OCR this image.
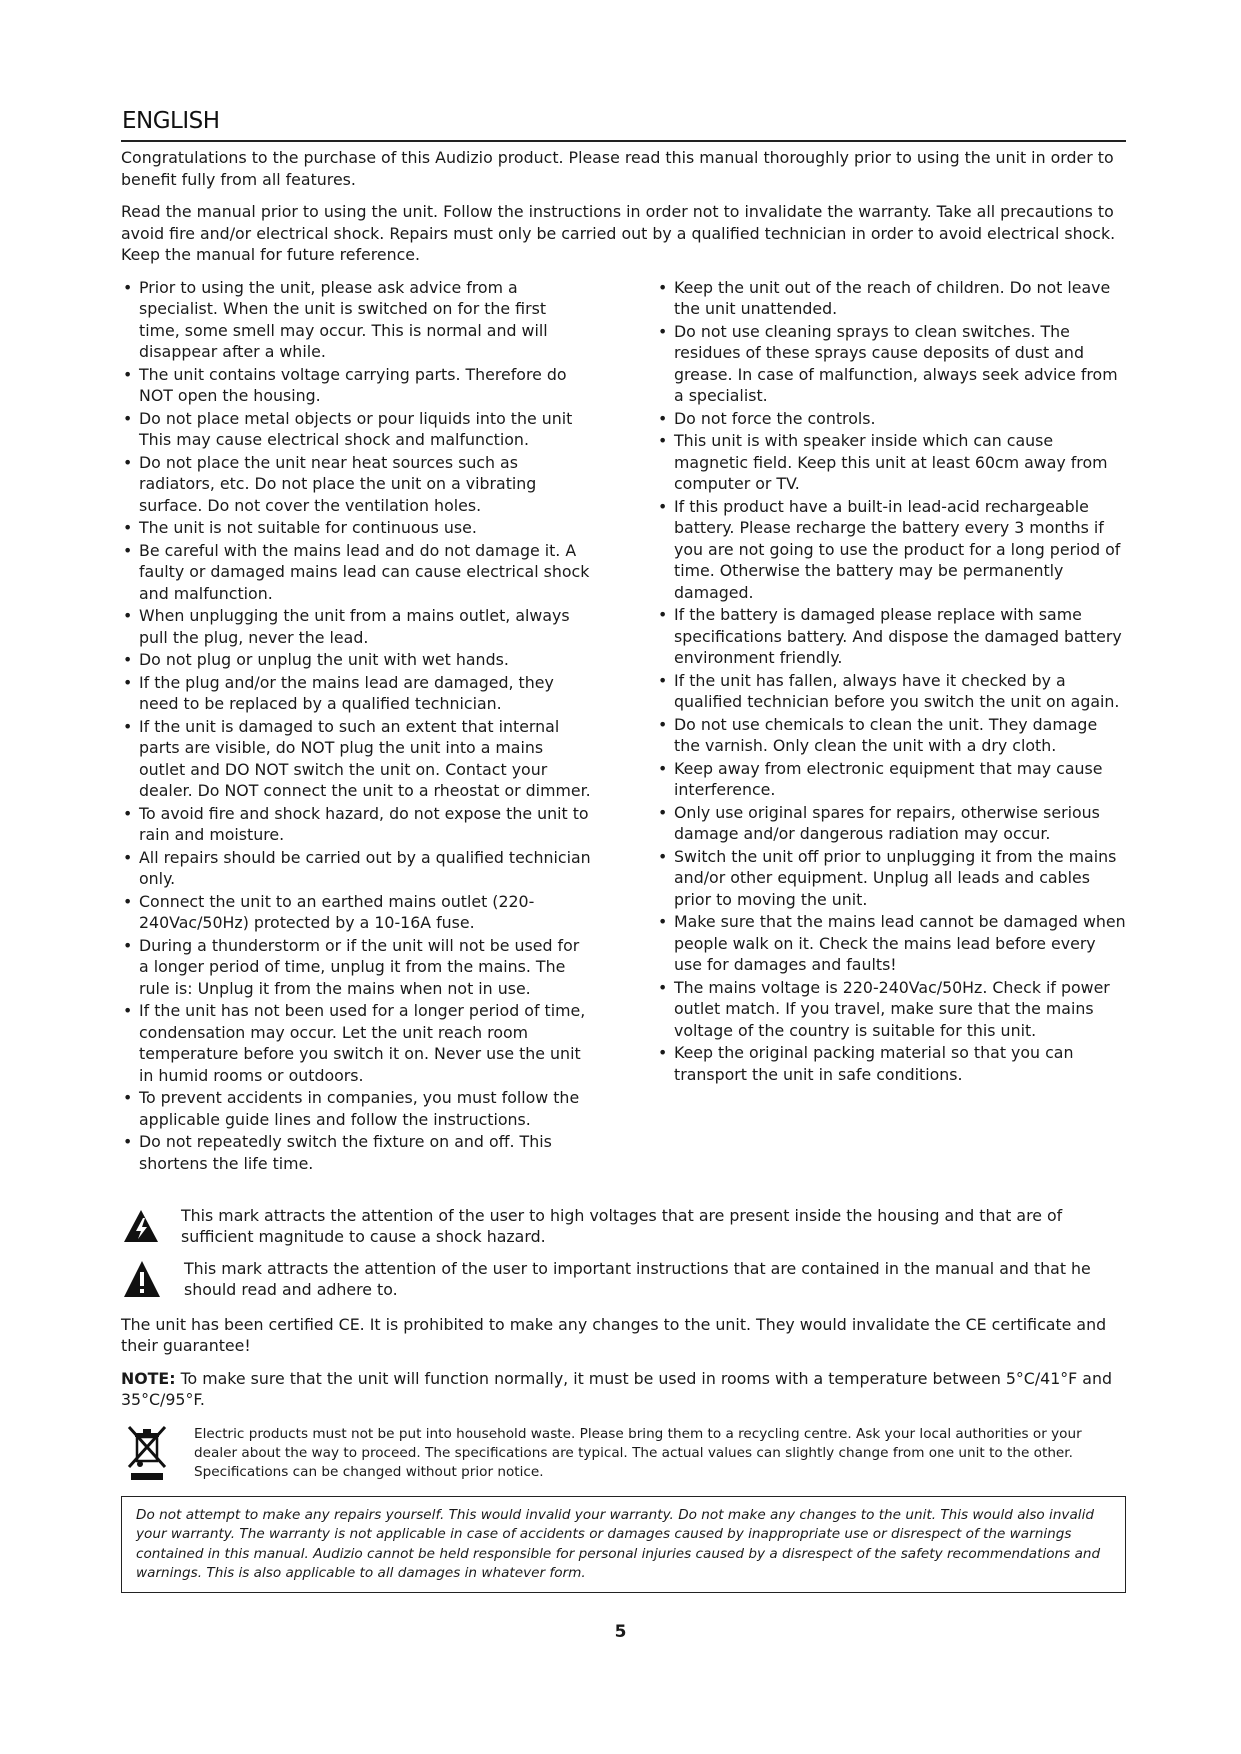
ENGLISH

Congratulations to the purchase of this Audizio product. Please read this manual thoroughly prior to using the unit in order to benefit fully from all features.

Read the manual prior to using the unit. Follow the instructions in order not to invalidate the warranty. Take all precautions to avoid fire and/or electrical shock. Repairs must only be carried out by a qualified technician in order to avoid electrical shock. Keep the manual for future reference.

• Prior to using the unit, please ask advice from a specialist. When the unit is switched on for the first time, some smell may occur. This is normal and will disappear after a while.
• The unit contains voltage carrying parts. Therefore do NOT open the housing.
• Do not place metal objects or pour liquids into the unit This may cause electrical shock and malfunction.
• Do not place the unit near heat sources such as radiators, etc. Do not place the unit on a vibrating surface. Do not cover the ventilation holes.
• The unit is not suitable for continuous use.
• Be careful with the mains lead and do not damage it. A faulty or damaged mains lead can cause electrical shock and malfunction.
• When unplugging the unit from a mains outlet, always pull the plug, never the lead.
• Do not plug or unplug the unit with wet hands.
• If the plug and/or the mains lead are damaged, they need to be replaced by a qualified technician.
• If the unit is damaged to such an extent that internal parts are visible, do NOT plug the unit into a mains outlet and DO NOT switch the unit on. Contact your dealer. Do NOT connect the unit to a rheostat or dimmer.
• To avoid fire and shock hazard, do not expose the unit to rain and moisture.
• All repairs should be carried out by a qualified technician only.
• Connect the unit to an earthed mains outlet (220-240Vac/50Hz) protected by a 10-16A fuse.
• During a thunderstorm or if the unit will not be used for a longer period of time, unplug it from the mains. The rule is: Unplug it from the mains when not in use.
• If the unit has not been used for a longer period of time, condensation may occur. Let the unit reach room temperature before you switch it on. Never use the unit in humid rooms or outdoors.
• To prevent accidents in companies, you must follow the applicable guide lines and follow the instructions.
• Do not repeatedly switch the fixture on and off. This shortens the life time.
• Keep the unit out of the reach of children. Do not leave the unit unattended.
• Do not use cleaning sprays to clean switches. The residues of these sprays cause deposits of dust and grease. In case of malfunction, always seek advice from a specialist.
• Do not force the controls.
• This unit is with speaker inside which can cause magnetic field. Keep this unit at least 60cm away from computer or TV.
• If this product have a built-in lead-acid rechargeable battery. Please recharge the battery every 3 months if you are not going to use the product for a long period of time. Otherwise the battery may be permanently damaged.
• If the battery is damaged please replace with same specifications battery. And dispose the damaged battery environment friendly.
• If the unit has fallen, always have it checked by a qualified technician before you switch the unit on again.
• Do not use chemicals to clean the unit. They damage the varnish. Only clean the unit with a dry cloth.
• Keep away from electronic equipment that may cause interference.
• Only use original spares for repairs, otherwise serious damage and/or dangerous radiation may occur.
• Switch the unit off prior to unplugging it from the mains and/or other equipment. Unplug all leads and cables prior to moving the unit.
• Make sure that the mains lead cannot be damaged when people walk on it. Check the mains lead before every use for damages and faults!
• The mains voltage is 220-240Vac/50Hz. Check if power outlet match. If you travel, make sure that the mains voltage of the country is suitable for this unit.
• Keep the original packing material so that you can transport the unit in safe conditions.
This mark attracts the attention of the user to high voltages that are present inside the housing and that are of sufficient magnitude to cause a shock hazard.
This mark attracts the attention of the user to important instructions that are contained in the manual and that he should read and adhere to.

The unit has been certified CE. It is prohibited to make any changes to the unit. They would invalidate the CE certificate and their guarantee!

NOTE: To make sure that the unit will function normally, it must be used in rooms with a temperature between 5°C/41°F and 35°C/95°F.

Electric products must not be put into household waste. Please bring them to a recycling centre. Ask your local authorities or your dealer about the way to proceed. The specifications are typical. The actual values can slightly change from one unit to the other. Specifications can be changed without prior notice.
Do not attempt to make any repairs yourself. This would invalid your warranty. Do not make any changes to the unit. This would also invalid your warranty. The warranty is not applicable in case of accidents or damages caused by inappropriate use or disrespect of the warnings contained in this manual. Audizio cannot be held responsible for personal injuries caused by a disrespect of the safety recommendations and warnings. This is also applicable to all damages in whatever form.
5
